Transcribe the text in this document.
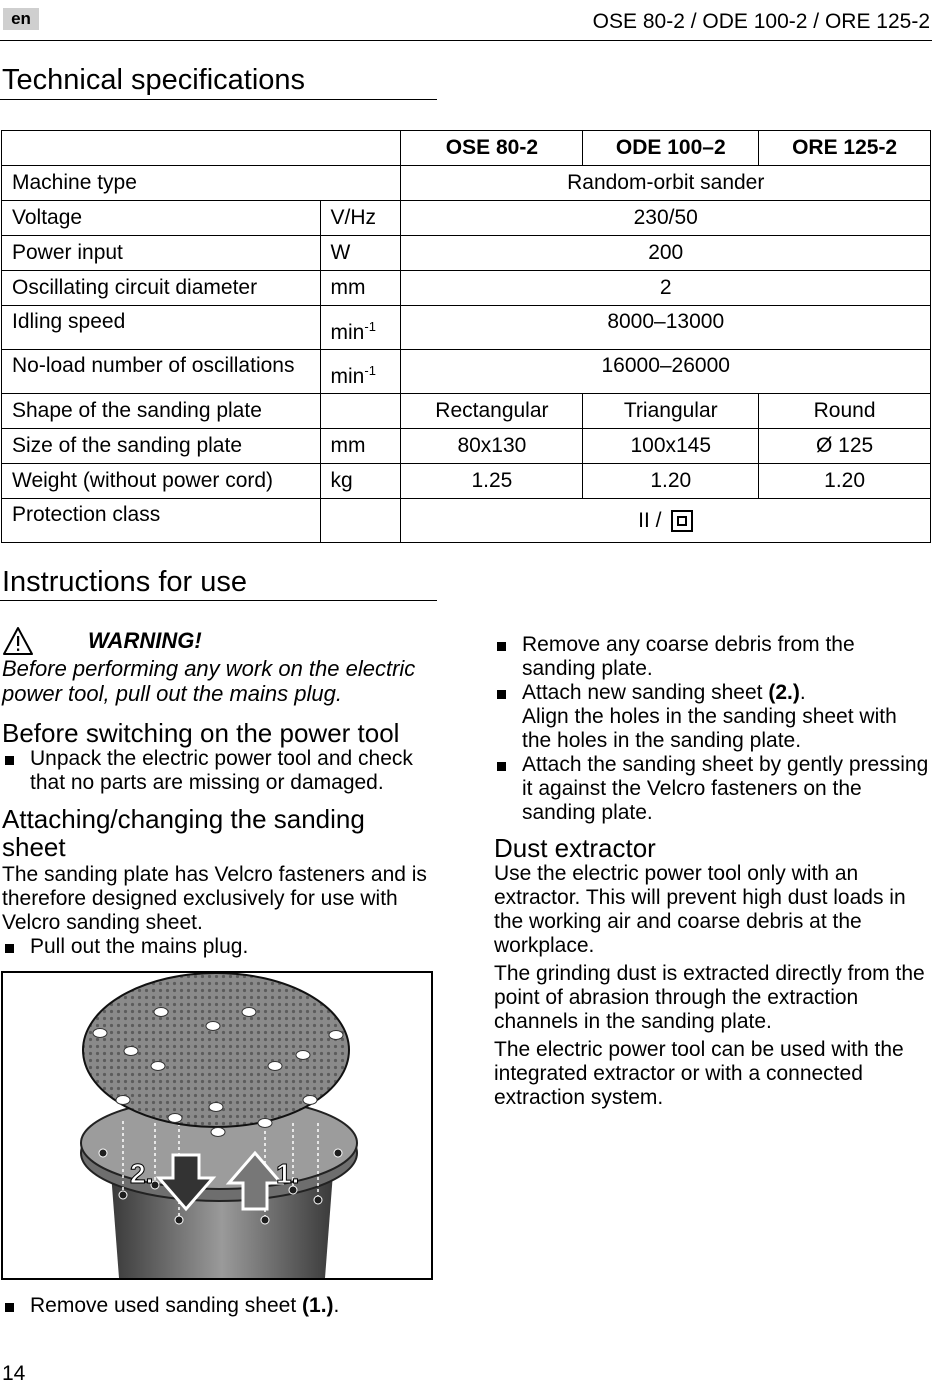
en	OSE 80-2 / ODE 100-2 / ORE 125-2
Technical specifications
		OSE 80-2	ODE 100–2	ORE 125-2
Machine type		Random-orbit sander		
Voltage	V/Hz	230/50		
Power input	W	200		
Oscillating circuit diameter	mm	2		
Idling speed	$\min^{-1}$	8000–13000		
No-load number of oscillations	$\min^{-1}$	16000–26000		
Shape of the sanding plate		Rectangular	Triangular	Round
Size of the sanding plate	mm	80x130	100x145	Ø 125
Weight (without power cord)	kg	1.25	1.20	1.20
Protection class		II /		
Instructions for use
WARNING!

Before performing any work on the electric power tool, pull out the mains plug.

Before switching on the power tool

Unpack the electric power tool and check that no parts are missing or damaged.

Attaching/changing the sanding sheet

The sanding plate has Velcro fasteners and is therefore designed exclusively for use with Velcro sanding sheet.

Pull out the mains plug.

2.	1.

Remove used sanding sheet (1.).

Remove any coarse debris from the sanding plate.

Attach new sanding sheet (2.).
Align the holes in the sanding sheet with the holes in the sanding plate.

Attach the sanding sheet by gently pressing it against the Velcro fasteners on the sanding plate.

Dust extractor

Use the electric power tool only with an extractor. This will prevent high dust loads in the working air and coarse debris at the workplace.

The grinding dust is extracted directly from the point of abrasion through the extraction channels in the sanding plate.

The electric power tool can be used with the integrated extractor or with a connected extraction system.

14
